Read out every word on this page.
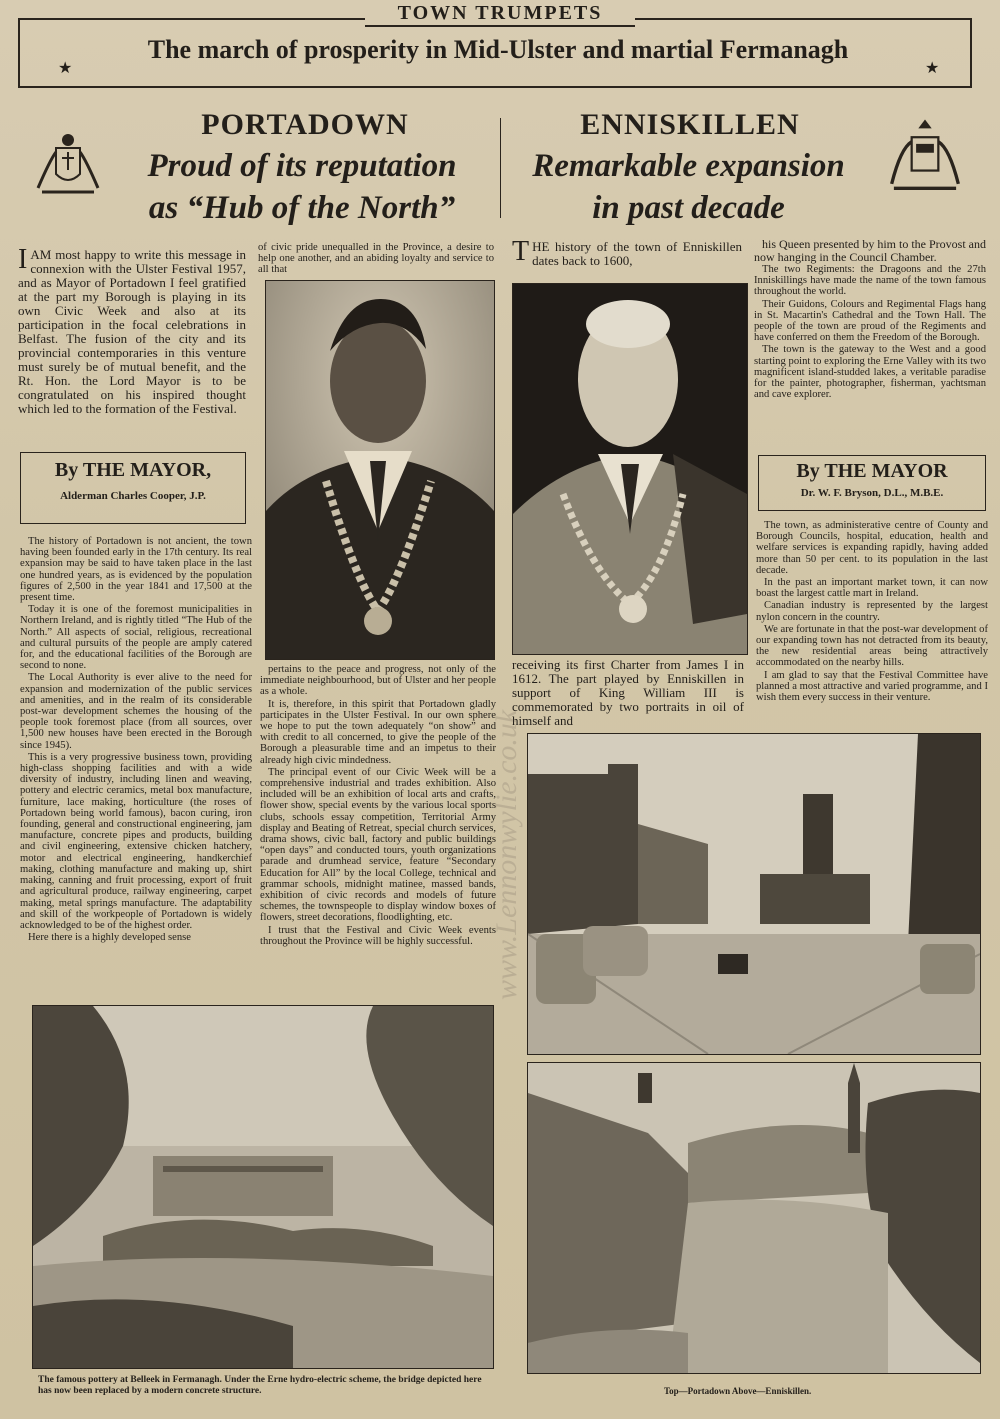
TOWN TRUMPETS
The march of prosperity in Mid-Ulster and martial Fermanagh
★	★
PORTADOWN
Proud of its reputation
as “Hub of the North”
ENNISKILLEN
Remarkable expansion
in past decade
IAM most happy to write this message in connexion with the Ulster Festival 1957, and as Mayor of Portadown I feel gratified at the part my Borough is playing in its own Civic Week and also at its participation in the focal celebrations in Belfast. The fusion of the city and its provincial contemporaries in this venture must surely be of mutual benefit, and the Rt. Hon. the Lord Mayor is to be congratulated on his inspired thought which led to the formation of the Festival.
By THE MAYOR,
Alderman Charles Cooper, J.P.

The history of Portadown is not ancient, the town having been founded early in the 17th century. Its real expansion may be said to have taken place in the last one hundred years, as is evidenced by the population figures of 2,500 in the year 1841 and 17,500 at the present time.

Today it is one of the foremost municipalities in Northern Ireland, and is rightly titled “The Hub of the North.” All aspects of social, religious, recreational and cultural pursuits of the people are amply catered for, and the educational facilities of the Borough are second to none.

The Local Authority is ever alive to the need for expansion and modernization of the public services and amenities, and in the realm of its considerable post-war development schemes the housing of the people took foremost place (from all sources, over 1,500 new houses have been erected in the Borough since 1945).

This is a very progressive business town, providing high-class shopping facilities and with a wide diversity of industry, including linen and weaving, pottery and electric ceramics, metal box manufacture, furniture, lace making, horticulture (the roses of Portadown being world famous), bacon curing, iron founding, general and constructional engineering, jam manufacture, concrete pipes and products, building and civil engineering, extensive chicken hatchery, motor and electrical engineering, handkerchief making, clothing manufacture and making up, shirt making, canning and fruit processing, export of fruit and agricultural produce, railway engineering, carpet making, metal springs manufacture. The adaptability and skill of the workpeople of Portadown is widely acknowledged to be of the highest order.

Here there is a highly developed sense

of civic pride unequalled in the Province, a desire to help one another, and an abiding loyalty and service to all that

pertains to the peace and progress, not only of the immediate neighbourhood, but of Ulster and her people as a whole.

It is, therefore, in this spirit that Portadown gladly participates in the Ulster Festival. In our own sphere we hope to put the town adequately “on show” and with credit to all concerned, to give the people of the Borough a pleasurable time and an impetus to their already high civic mindedness.

The principal event of our Civic Week will be a comprehensive industrial and trades exhibition. Also included will be an exhibition of local arts and crafts, flower show, special events by the various local sports clubs, schools essay competition, Territorial Army display and Beating of Retreat, special church services, drama shows, civic ball, factory and public buildings “open days” and conducted tours, youth organizations parade and drumhead service, feature “Secondary Education for All” by the local College, technical and grammar schools, midnight matinee, massed bands, exhibition of civic records and models of future schemes, the townspeople to display window boxes of flowers, street decorations, floodlighting, etc.

I trust that the Festival and Civic Week events throughout the Province will be highly successful.

The famous pottery at Belleek in Fermanagh. Under the Erne hydro-electric scheme, the bridge depicted here has now been replaced by a modern concrete structure.
THE history of the town of Enniskillen dates back to 1600,
receiving its first Charter from James I in 1612. The part played by Enniskillen in support of King William III is commemorated by two portraits in oil of himself and

his Queen presented by him to the Provost and now hanging in the Council Chamber.

The two Regiments: the Dragoons and the 27th Inniskillings have made the name of the town famous throughout the world.

Their Guidons, Colours and Regimental Flags hang in St. Macartin's Cathedral and the Town Hall. The people of the town are proud of the Regiments and have conferred on them the Freedom of the Borough.

The town is the gateway to the West and a good starting point to exploring the Erne Valley with its two magnificent island-studded lakes, a veritable paradise for the painter, photographer, fisherman, yachtsman and cave explorer.

By THE MAYOR
Dr. W. F. Bryson, D.L., M.B.E.

The town, as administerative centre of County and Borough Councils, hospital, education, health and welfare services is expanding rapidly, having added more than 50 per cent. to its population in the last decade.

In the past an important market town, it can now boast the largest cattle mart in Ireland.

Canadian industry is represented by the largest nylon concern in the country.

We are fortunate in that the post-war development of our expanding town has not detracted from its beauty, the new residential areas being attractively accommodated on the nearby hills.

I am glad to say that the Festival Committee have planned a most attractive and varied programme, and I wish them every success in their venture.

Top—Portadown Above—Enniskillen.
www.Lennonwylie.co.uk
